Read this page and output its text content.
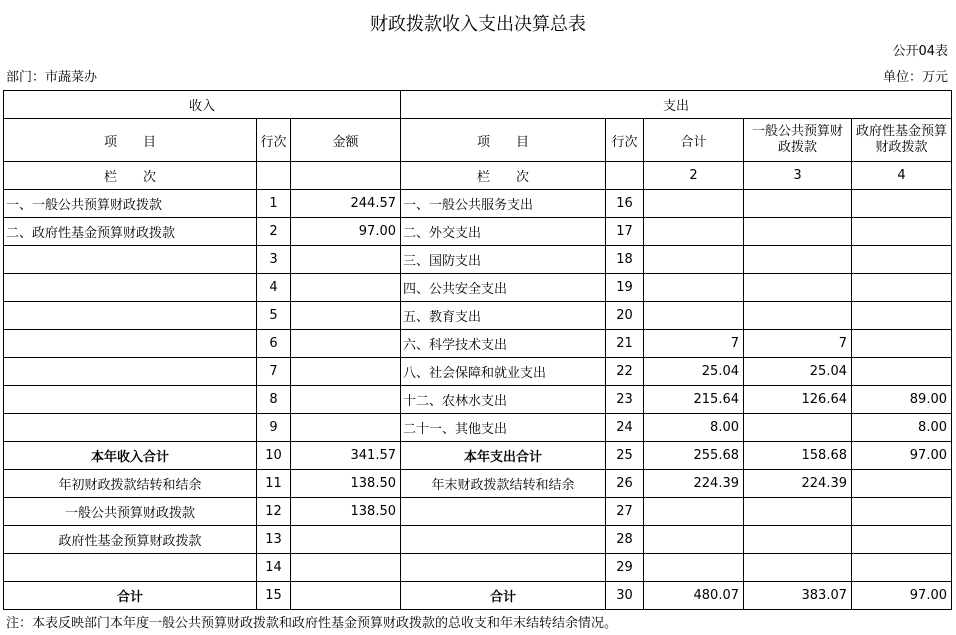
财政拨款收入支出决算总表
公开04表
部门：市蔬菜办	单位：万元
收入			支出				
项　　目	行次	金额	项　　目	行次	合计	一般公共预算财政拨款	政府性基金预算财政拨款
栏　　次			栏　　次		2	3	4
一、一般公共预算财政拨款	1	244.57	一、一般公共服务支出	16			
二、政府性基金预算财政拨款	2	97.00	二、外交支出	17			
	3		三、国防支出	18			
	4		四、公共安全支出	19			
	5		五、教育支出	20			
	6		六、科学技术支出	21	7	7	
	7		八、社会保障和就业支出	22	25.04	25.04	
	8		十二、农林水支出	23	215.64	126.64	89.00
	9		二十一、其他支出	24	8.00		8.00
本年收入合计	10	341.57	本年支出合计	25	255.68	158.68	97.00
年初财政拨款结转和结余	11	138.50	年末财政拨款结转和结余	26	224.39	224.39	
一般公共预算财政拨款	12	138.50		27			
政府性基金预算财政拨款	13			28			
	14			29			
合计	15		合计	30	480.07	383.07	97.00
注：本表反映部门本年度一般公共预算财政拨款和政府性基金预算财政拨款的总收支和年末结转结余情况。
